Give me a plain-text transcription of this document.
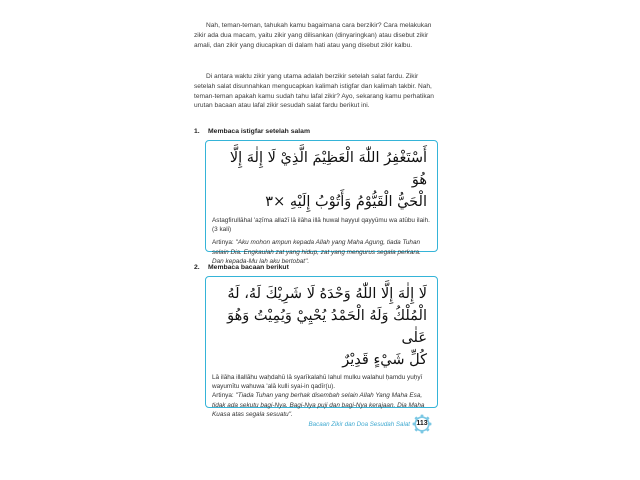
Nah, teman-teman, tahukah kamu bagaimana cara berzikir? Cara melakukan zikir ada dua macam, yaitu zikir yang dilisankan (dinyaringkan) atau disebut zikir amali, dan zikir yang diucapkan di dalam hati atau yang disebut zikir kalbu.

Di antara waktu zikir yang utama adalah berzikir setelah salat fardu. Zikir setelah salat disunnahkan mengucapkan kalimah istigfar dan kalimah takbir. Nah, teman-teman apakah kamu sudah tahu lafal zikir? Ayo, sekarang kamu perhatikan urutan bacaan atau lafal zikir sesudah salat fardu berikut ini.

1. Membaca istigfar setelah salam
أَسْتَغْفِرُ اللّٰهَ الْعَظِيْمَ الَّذِيْ لَا إِلٰهَ إِلَّا هُوَ
الْحَيُّ الْقَيُّوْمُ وَأَتُوْبُ إِلَيْهِ ×٣
Astagfirullāhal 'aẓīma allażī lā ilāha illā huwal hayyul qayyūmu wa atūbu ilaih. (3 kali)
Artinya: "Aku mohon ampun kepada Allah yang Maha Agung, tiada Tuhan selain Dia. Engkaulah zat yang hidup, zat yang mengurus segala perkara. Dan kepada-Mu lah aku bertobat".
2. Membaca bacaan berikut
لَا إِلٰهَ إِلَّا اللّٰهُ وَحْدَهُ لَا شَرِيْكَ لَهُ، لَهُ
الْمُلْكُ وَلَهُ الْحَمْدُ يُحْيِيْ وَيُمِيْتُ وَهُوَ عَلٰى
كُلِّ شَيْءٍ قَدِيْرٌ
Lā ilāha illallāhu waḥdahū lā syarīkalahū lahul mulku walahul ḥamdu yuḥyī wayumītu wahuwa 'alā kulli syai-in qadīr(u).
Artinya: "Tiada Tuhan yang berhak disembah selain Allah Yang Maha Esa, tidak ada sekutu bagi-Nya. Bagi-Nya puji dan bagi-Nya kerajaan. Dia Maha Kuasa atas segala sesuatu".
Bacaan Zikir dan Doa Sesudah Salat 113
